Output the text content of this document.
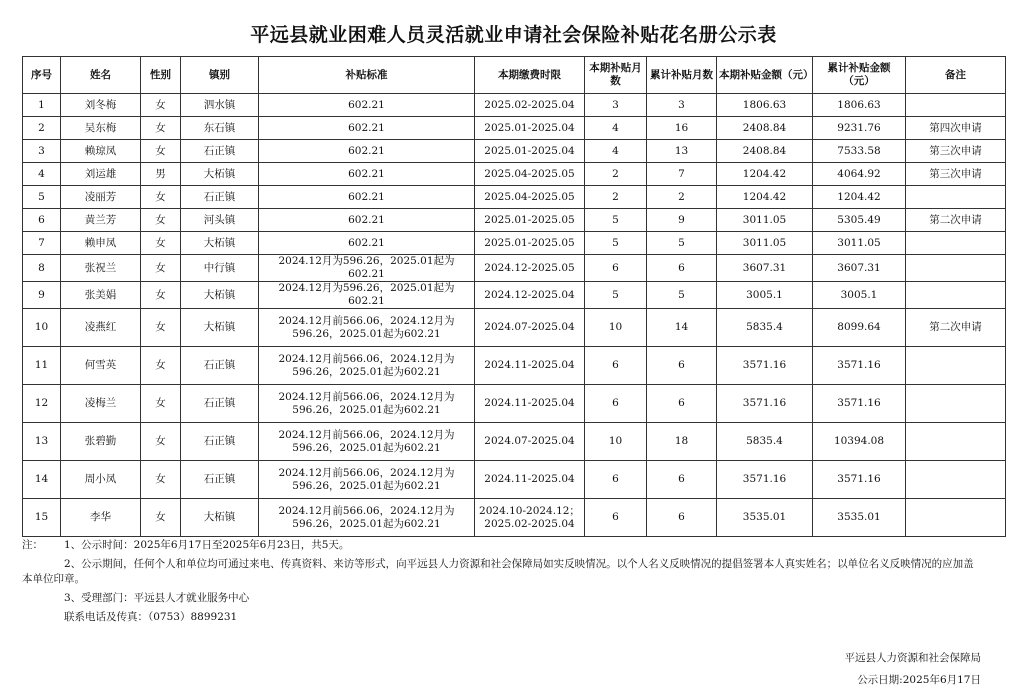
平远县就业困难人员灵活就业申请社会保险补贴花名册公示表
序号	姓名	性别	镇别	补贴标准	本期缴费时限	本期补贴月数	累计补贴月数	本期补贴金额（元）	累计补贴金额（元）	备注
1	刘冬梅	女	泗水镇	602.21	2025.02-2025.04	3	3	1806.63	1806.63	
2	吴东梅	女	东石镇	602.21	2025.01-2025.04	4	16	2408.84	9231.76	第四次申请
3	赖琼凤	女	石正镇	602.21	2025.01-2025.04	4	13	2408.84	7533.58	第三次申请
4	刘运雄	男	大柘镇	602.21	2025.04-2025.05	2	7	1204.42	4064.92	第三次申请
5	凌丽芳	女	石正镇	602.21	2025.04-2025.05	2	2	1204.42	1204.42	
6	黄兰芳	女	河头镇	602.21	2025.01-2025.05	5	9	3011.05	5305.49	第二次申请
7	赖申凤	女	大柘镇	602.21	2025.01-2025.05	5	5	3011.05	3011.05	
8	张祝兰	女	中行镇	2024.12月为596.26，2025.01起为602.21	2024.12-2025.05	6	6	3607.31	3607.31	
9	张美娟	女	大柘镇	2024.12月为596.26，2025.01起为602.21	2024.12-2025.04	5	5	3005.1	3005.1	
10	凌燕红	女	大柘镇	2024.12月前566.06，2024.12月为596.26，2025.01起为602.21	2024.07-2025.04	10	14	5835.4	8099.64	第二次申请
11	何雪英	女	石正镇	2024.12月前566.06，2024.12月为596.26，2025.01起为602.21	2024.11-2025.04	6	6	3571.16	3571.16	
12	凌梅兰	女	石正镇	2024.12月前566.06，2024.12月为596.26，2025.01起为602.21	2024.11-2025.04	6	6	3571.16	3571.16	
13	张碧勤	女	石正镇	2024.12月前566.06，2024.12月为596.26，2025.01起为602.21	2024.07-2025.04	10	18	5835.4	10394.08	
14	周小凤	女	石正镇	2024.12月前566.06，2024.12月为596.26，2025.01起为602.21	2024.11-2025.04	6	6	3571.16	3571.16	
15	李华	女	大柘镇	2024.12月前566.06，2024.12月为596.26，2025.01起为602.21	2024.10-2024.12；2025.02-2025.04	6	6	3535.01	3535.01	
注： 1、公示时间：2025年6月17日至2025年6月23日，共5天。
2、公示期间，任何个人和单位均可通过来电、传真资料、来访等形式，向平远县人力资源和社会保障局如实反映情况。以个人名义反映情况的提倡签署本人真实姓名；以单位名义反映情况的应加盖本单位印章。
3、受理部门：平远县人才就业服务中心
联系电话及传真：（0753）8899231
平远县人力资源和社会保障局
公示日期:2025年6月17日
